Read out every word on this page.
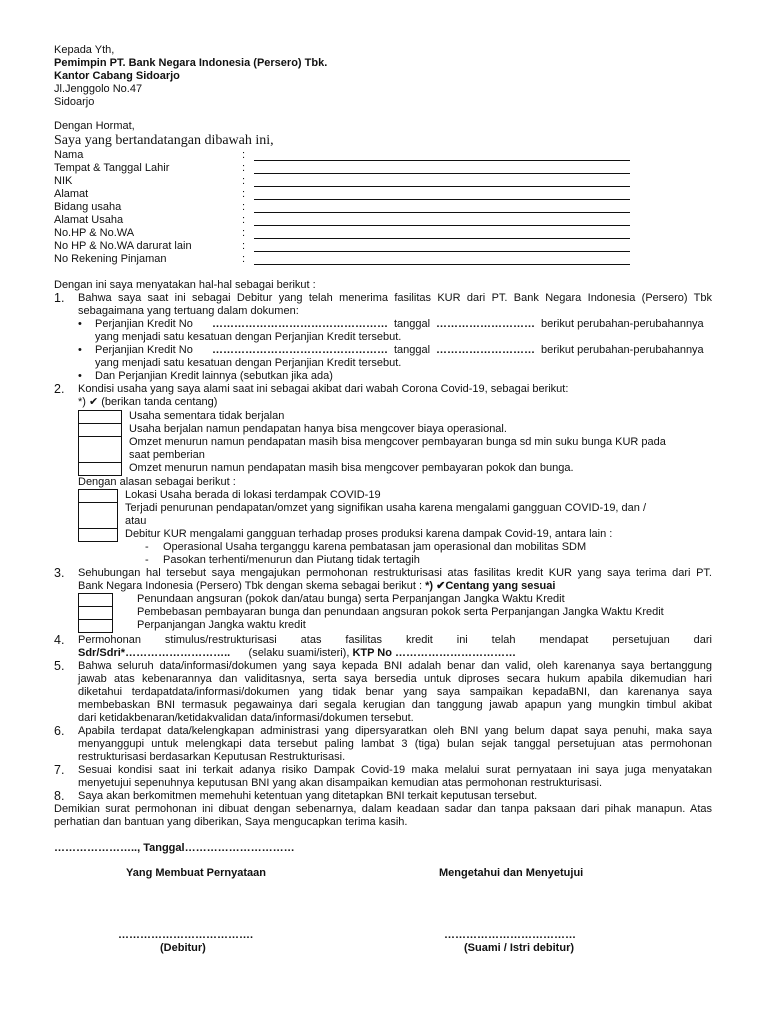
Kepada Yth,
Pemimpin PT. Bank Negara Indonesia (Persero) Tbk.
Kantor Cabang Sidoarjo
Jl.Jenggolo No.47
Sidoarjo
Dengan Hormat,
Saya yang bertandatangan dibawah ini,
Nama	:
Tempat & Tanggal Lahir	:
NIK	:
Alamat	:
Bidang usaha	:
Alamat Usaha	:
No.HP & No.WA	:
No HP & No.WA darurat lain	:
No Rekening Pinjaman	:
Dengan ini saya menyatakan hal-hal sebagai berikut :
1. Bahwa saya saat ini sebagai Debitur yang telah menerima fasilitas KUR dari PT. Bank Negara Indonesia (Persero) Tbk
sebagaimana yang tertuang dalam dokumen:
• Perjanjian Kredit No ………………………………………… tanggal ……………………… berikut perubahan-perubahannya
yang menjadi satu kesatuan dengan Perjanjian Kredit tersebut.
• Perjanjian Kredit No ………………………………………… tanggal ……………………… berikut perubahan-perubahannya
yang menjadi satu kesatuan dengan Perjanjian Kredit tersebut.
• Dan Perjanjian Kredit lainnya (sebutkan jika ada)
2. Kondisi usaha yang saya alami saat ini sebagai akibat dari wabah Corona Covid-19, sebagai berikut:
*) ✔ (berikan tanda centang)
Usaha sementara tidak berjalan
Usaha berjalan namun pendapatan hanya bisa mengcover biaya operasional.
Omzet menurun namun pendapatan masih bisa mengcover pembayaran bunga sd min suku bunga KUR pada
saat pemberian
Omzet menurun namun pendapatan masih bisa mengcover pembayaran pokok dan bunga.
Dengan alasan sebagai berikut :
Lokasi Usaha berada di lokasi terdampak COVID-19
Terjadi penurunan pendapatan/omzet yang signifikan usaha karena mengalami gangguan COVID-19, dan /
atau
Debitur KUR mengalami gangguan terhadap proses produksi karena dampak Covid-19, antara lain :
- Operasional Usaha terganggu karena pembatasan jam operasional dan mobilitas SDM
- Pasokan terhenti/menurun dan Piutang tidak tertagih
3. Sehubungan hal tersebut saya mengajukan permohonan restrukturisasi atas fasilitas kredit KUR yang saya terima dari PT.
Bank Negara Indonesia (Persero) Tbk dengan skema sebagai berikut : *) ✔Centang yang sesuai
Penundaan angsuran (pokok dan/atau bunga) serta Perpanjangan Jangka Waktu Kredit
Pembebasan pembayaran bunga dan penundaan angsuran pokok serta Perpanjangan Jangka Waktu Kredit
Perpanjangan Jangka waktu kredit
4. Permohonan stimulus/restrukturisasi atas fasilitas kredit ini telah mendapat persetujuan dari
Sdr/Sdri*……………………….. (selaku suami/isteri), KTP No ……………………………
5. Bahwa seluruh data/informasi/dokumen yang saya kepada BNI adalah benar dan valid, oleh karenanya saya bertanggung
jawab atas kebenarannya dan validitasnya, serta saya bersedia untuk diproses secara hukum apabila dikemudian hari
diketahui terdapatdata/informasi/dokumen yang tidak benar yang saya sampaikan kepadaBNI, dan karenanya saya
membebaskan BNI termasuk pegawainya dari segala kerugian dan tanggung jawab apapun yang mungkin timbul akibat
dari ketidakbenaran/ketidakvalidan data/informasi/dokumen tersebut.
6. Apabila terdapat data/kelengkapan administrasi yang dipersyaratkan oleh BNI yang belum dapat saya penuhi, maka saya
menyanggupi untuk melengkapi data tersebut paling lambat 3 (tiga) bulan sejak tanggal persetujuan atas permohonan
restrukturisasi berdasarkan Keputusan Restrukturisasi.
7. Sesuai kondisi saat ini terkait adanya risiko Dampak Covid-19 maka melalui surat pernyataan ini saya juga menyatakan
menyetujui sepenuhnya keputusan BNI yang akan disampaikan kemudian atas permohonan restrukturisasi.
8. Saya akan berkomitmen memehuhi ketentuan yang ditetapkan BNI terkait keputusan tersebut.
Demikian surat permohonan ini dibuat dengan sebenarnya, dalam keadaan sadar dan tanpa paksaan dari pihak manapun. Atas
perhatian dan bantuan yang diberikan, Saya mengucapkan terima kasih.
………………….., Tanggal…………………………
Yang Membuat Pernyataan	Mengetahui dan Menyetujui
……………………………….	………………………………
(Debitur)	(Suami / Istri debitur)
